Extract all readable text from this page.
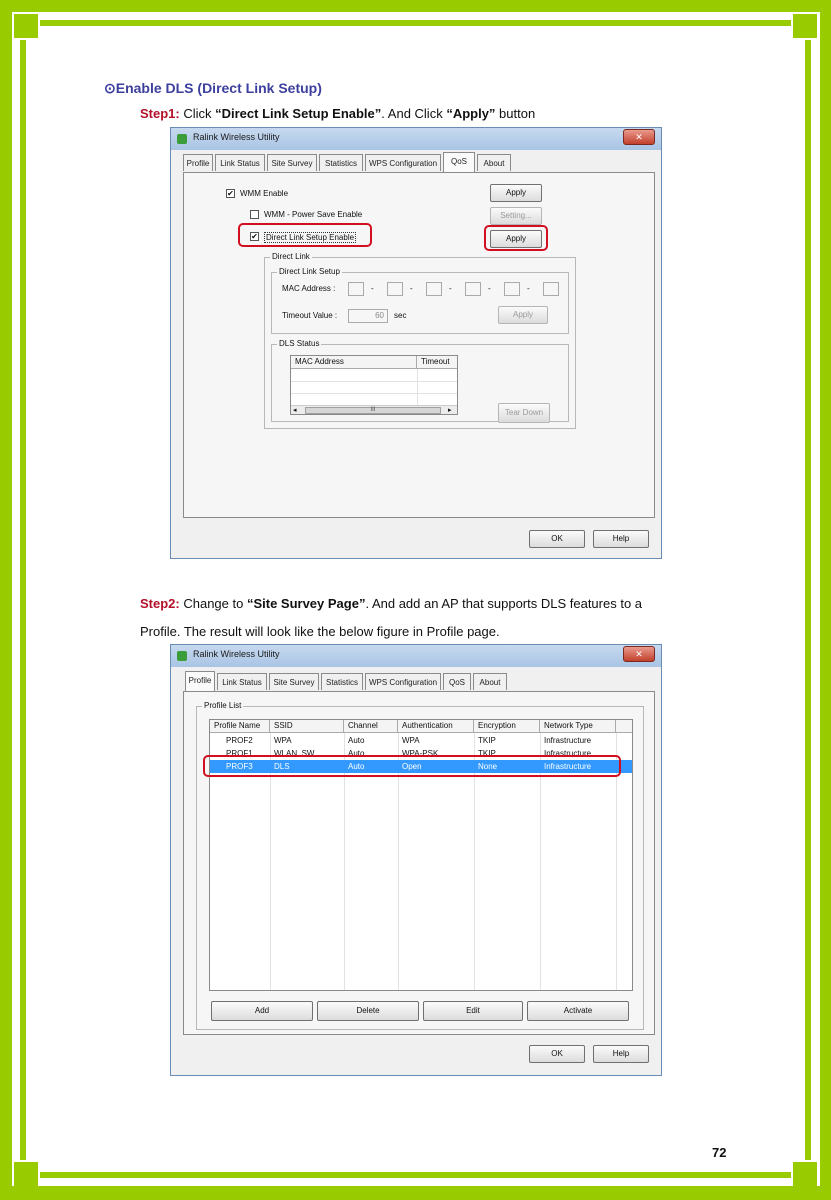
⊙Enable DLS (Direct Link Setup)
Step1: Click “Direct Link Setup Enable”. And Click “Apply” button
Step2: Change to “Site Survey Page”. And add an AP that supports DLS features to a
Profile. The result will look like the below figure in Profile page.
Ralink Wireless Utility	✕
Profile	Link Status	Site Survey	Statistics	WPS Configuration	QoS	About
✔ WMM Enable	Apply
WMM - Power Save Enable	Setting...
✔ Direct Link Setup Enable	Apply
Direct Link
Direct Link Setup
MAC Address :	-	-	-	-	-
Timeout Value :	60	sec	Apply
DLS Status
MAC Address	Timeout
◂	III	▸	Tear Down
OK	Help
Ralink Wireless Utility	✕
Profile	Link Status	Site Survey	Statistics	WPS Configuration	QoS	About
Profile List
Profile Name	SSID	Channel	Authentication	Encryption	Network Type
PROF2	WPA	Auto	WPA	TKIP	Infrastructure
PROF1	WLAN_SW	Auto	WPA-PSK	TKIP	Infrastructure
PROF3	DLS	Auto	Open	None	Infrastructure
Add	Delete	Edit	Activate
OK	Help
72
